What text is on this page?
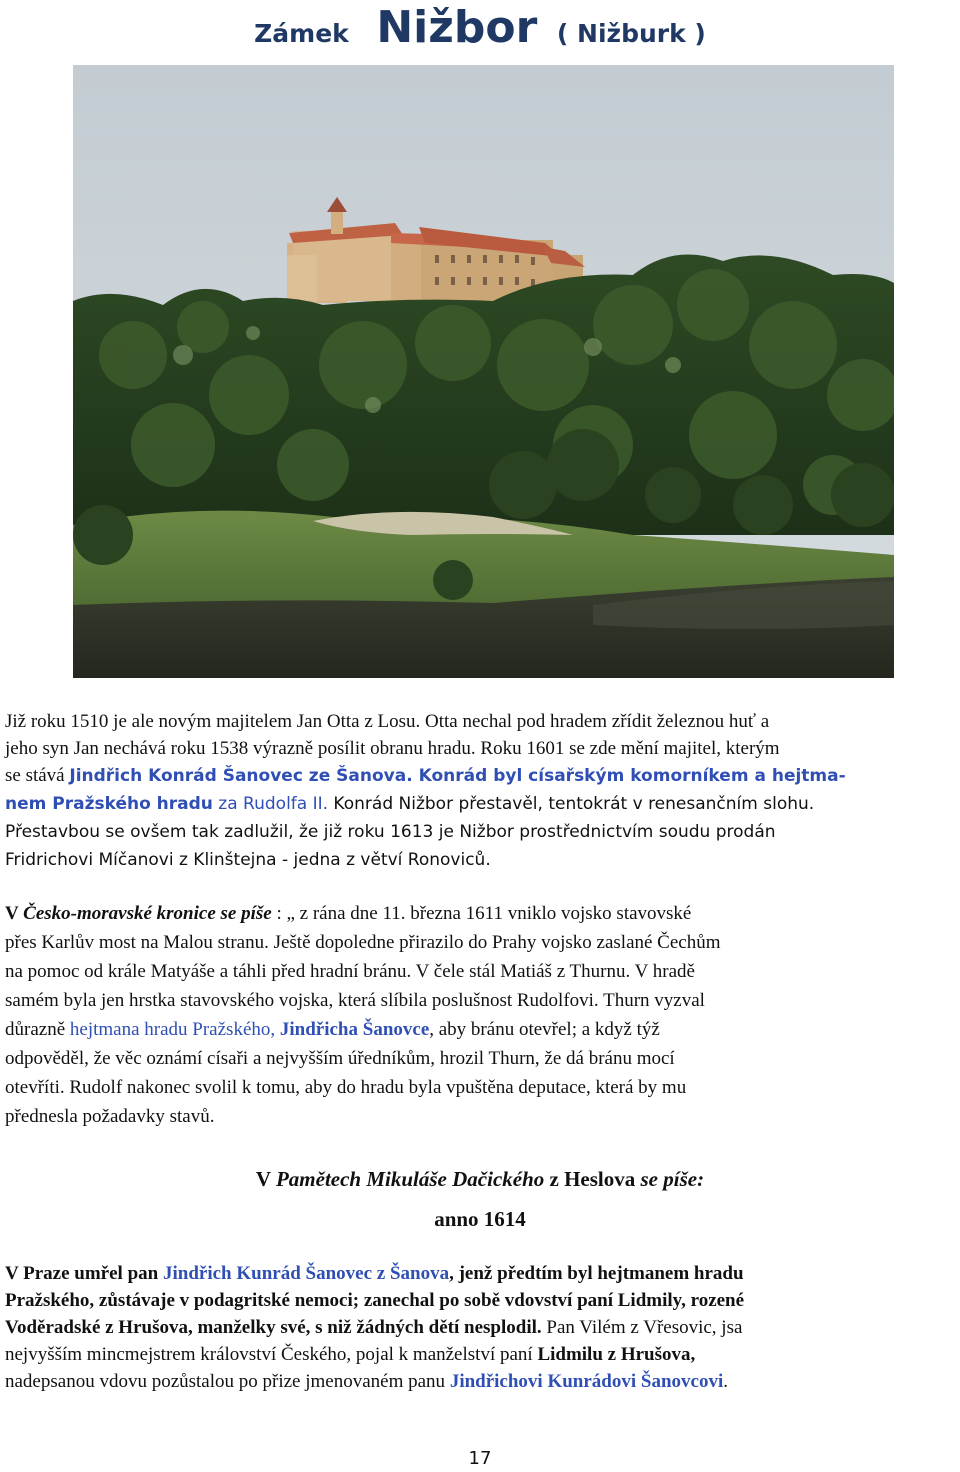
Zámek Nižbor ( Nižburk )
Již roku 1510 je ale novým majitelem Jan Otta z Losu. Otta nechal pod hradem zřídit železnou huť a
jeho syn Jan nechává roku 1538 výrazně posílit obranu hradu. Roku 1601 se zde mění majitel, kterým
se stává Jindřich Konrád Šanovec ze Šanova. Konrád byl císařským komorníkem a hejtma-
nem Pražského hradu za Rudolfa II. Konrád Nižbor přestavěl, tentokrát v renesančním slohu.
Přestavbou se ovšem tak zadlužil, že již roku 1613 je Nižbor prostřednictvím soudu prodán
Fridrichovi Míčanovi z Klinštejna - jedna z větví Ronoviců.
V Česko-moravské kronice se píše : „ z rána dne 11. března 1611 vniklo vojsko stavovské
přes Karlův most na Malou stranu. Ještě dopoledne přirazilo do Prahy vojsko zaslané Čechům
na pomoc od krále Matyáše a táhli před hradní bránu. V čele stál Matiáš z Thurnu. V hradě
samém byla jen hrstka stavovského vojska, která slíbila poslušnost Rudolfovi. Thurn vyzval
důrazně hejtmana hradu Pražského, Jindřicha Šanovce, aby bránu otevřel; a když týž
odpověděl, že věc oznámí císaři a nejvyšším úředníkům, hrozil Thurn, že dá bránu mocí
otevříti. Rudolf nakonec svolil k tomu, aby do hradu byla vpuštěna deputace, která by mu
přednesla požadavky stavů.
V Pamětech Mikuláše Dačického z Heslova se píše:
anno 1614
V Praze umřel pan Jindřich Kunrád Šanovec z Šanova, jenž předtím byl hejtmanem hradu
Pražského, zůstávaje v podagritské nemoci; zanechal po sobě vdovství paní Lidmily, rozené
Voděradské z Hrušova, manželky své, s niž žádných dětí nesplodil. Pan Vilém z Vřesovic, jsa
nejvyšším mincmejstrem království Českého, pojal k manželství paní Lidmilu z Hrušova,
nadepsanou vdovu pozůstalou po přize jmenovaném panu Jindřichovi Kunrádovi Šanovcovi.
17
